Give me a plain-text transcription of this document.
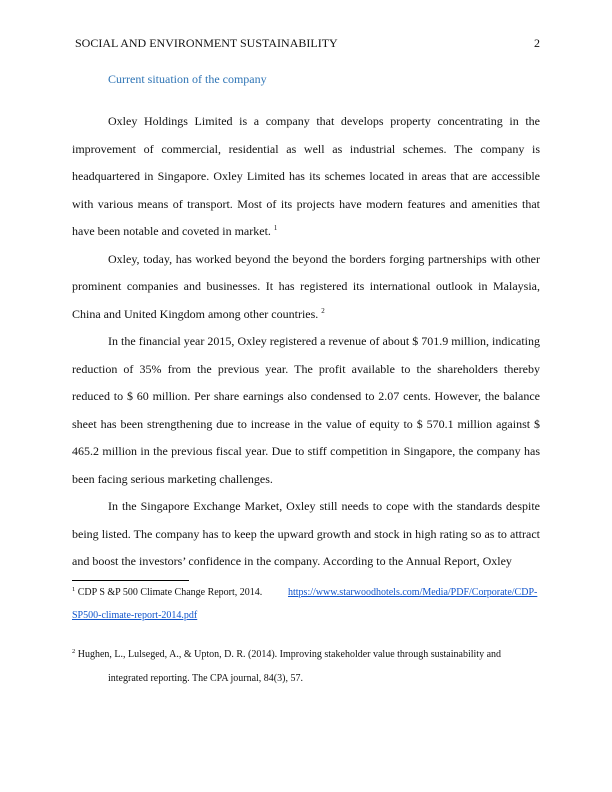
SOCIAL AND ENVIRONMENT SUSTAINABILITY	2
Current situation of the company

Oxley Holdings Limited is a company that develops property concentrating in the improvement of commercial, residential as well as industrial schemes. The company is headquartered in Singapore. Oxley Limited has its schemes located in areas that are accessible with various means of transport. Most of its projects have modern features and amenities that have been notable and coveted in market. $^1$

Oxley, today, has worked beyond the beyond the borders forging partnerships with other prominent companies and businesses. It has registered its international outlook in Malaysia, China and United Kingdom among other countries. $^2$

In the financial year 2015, Oxley registered a revenue of about $ 701.9 million, indicating reduction of 35% from the previous year. The profit available to the shareholders thereby reduced to $ 60 million. Per share earnings also condensed to 2.07 cents. However, the balance sheet has been strengthening due to increase in the value of equity to $ 570.1 million against $ 465.2 million in the previous fiscal year. Due to stiff competition in Singapore, the company has been facing serious marketing challenges.

In the Singapore Exchange Market, Oxley still needs to cope with the standards despite being listed. The company has to keep the upward growth and stock in high rating so as to attract and boost the investors’ confidence in the company. According to the Annual Report, Oxley

$^1$ CDP S &P 500 Climate Change Report, 2014.	https://www.starwoodhotels.com/Media/PDF/Corporate/CDP-
SP500-climate-report-2014.pdf
$^2$ Hughen, L., Lulseged, A., & Upton, D. R. (2014). Improving stakeholder value through sustainability and
integrated reporting. The CPA journal, 84(3), 57.
